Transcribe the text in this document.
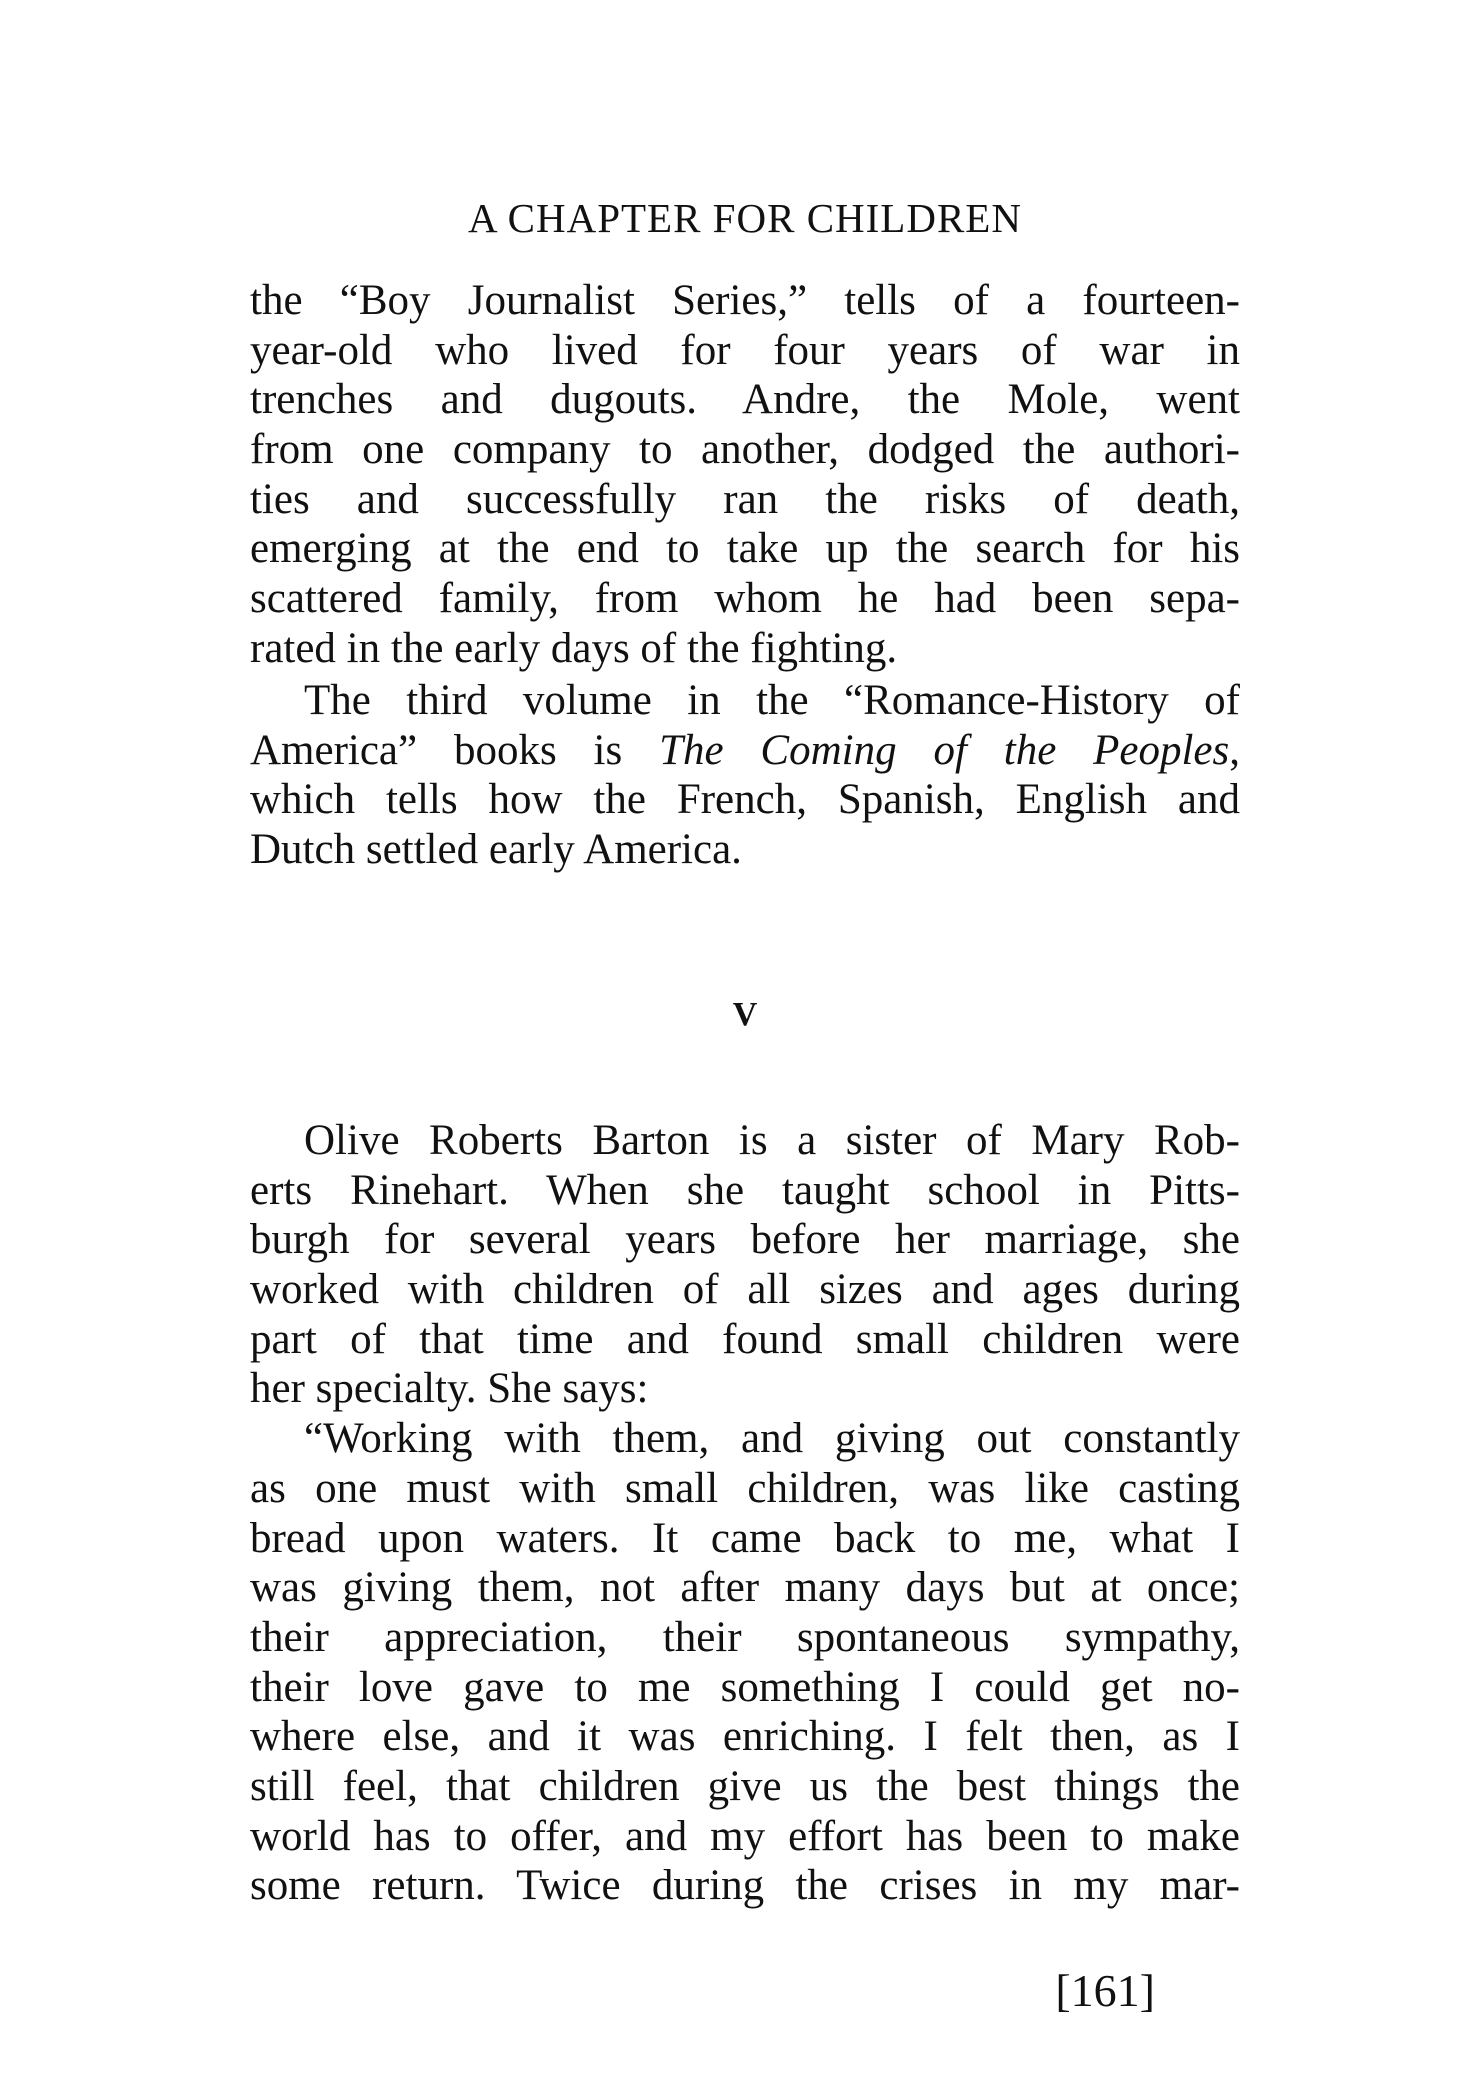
A CHAPTER FOR CHILDREN
the “Boy Journalist Series,” tells of a fourteen-
year-old who lived for four years of war in
trenches and dugouts. Andre, the Mole, went
from one company to another, dodged the authori-
ties and successfully ran the risks of death,
emerging at the end to take up the search for his
scattered family, from whom he had been sepa-
rated in the early days of the fighting.
The third volume in the “Romance-History of
America” books is The Coming of the Peoples,
which tells how the French, Spanish, English and
Dutch settled early America.
V
Olive Roberts Barton is a sister of Mary Rob-
erts Rinehart. When she taught school in Pitts-
burgh for several years before her marriage, she
worked with children of all sizes and ages during
part of that time and found small children were
her specialty. She says:
“Working with them, and giving out constantly
as one must with small children, was like casting
bread upon waters. It came back to me, what I
was giving them, not after many days but at once;
their appreciation, their spontaneous sympathy,
their love gave to me something I could get no-
where else, and it was enriching. I felt then, as I
still feel, that children give us the best things the
world has to offer, and my effort has been to make
some return. Twice during the crises in my mar-
[161]
